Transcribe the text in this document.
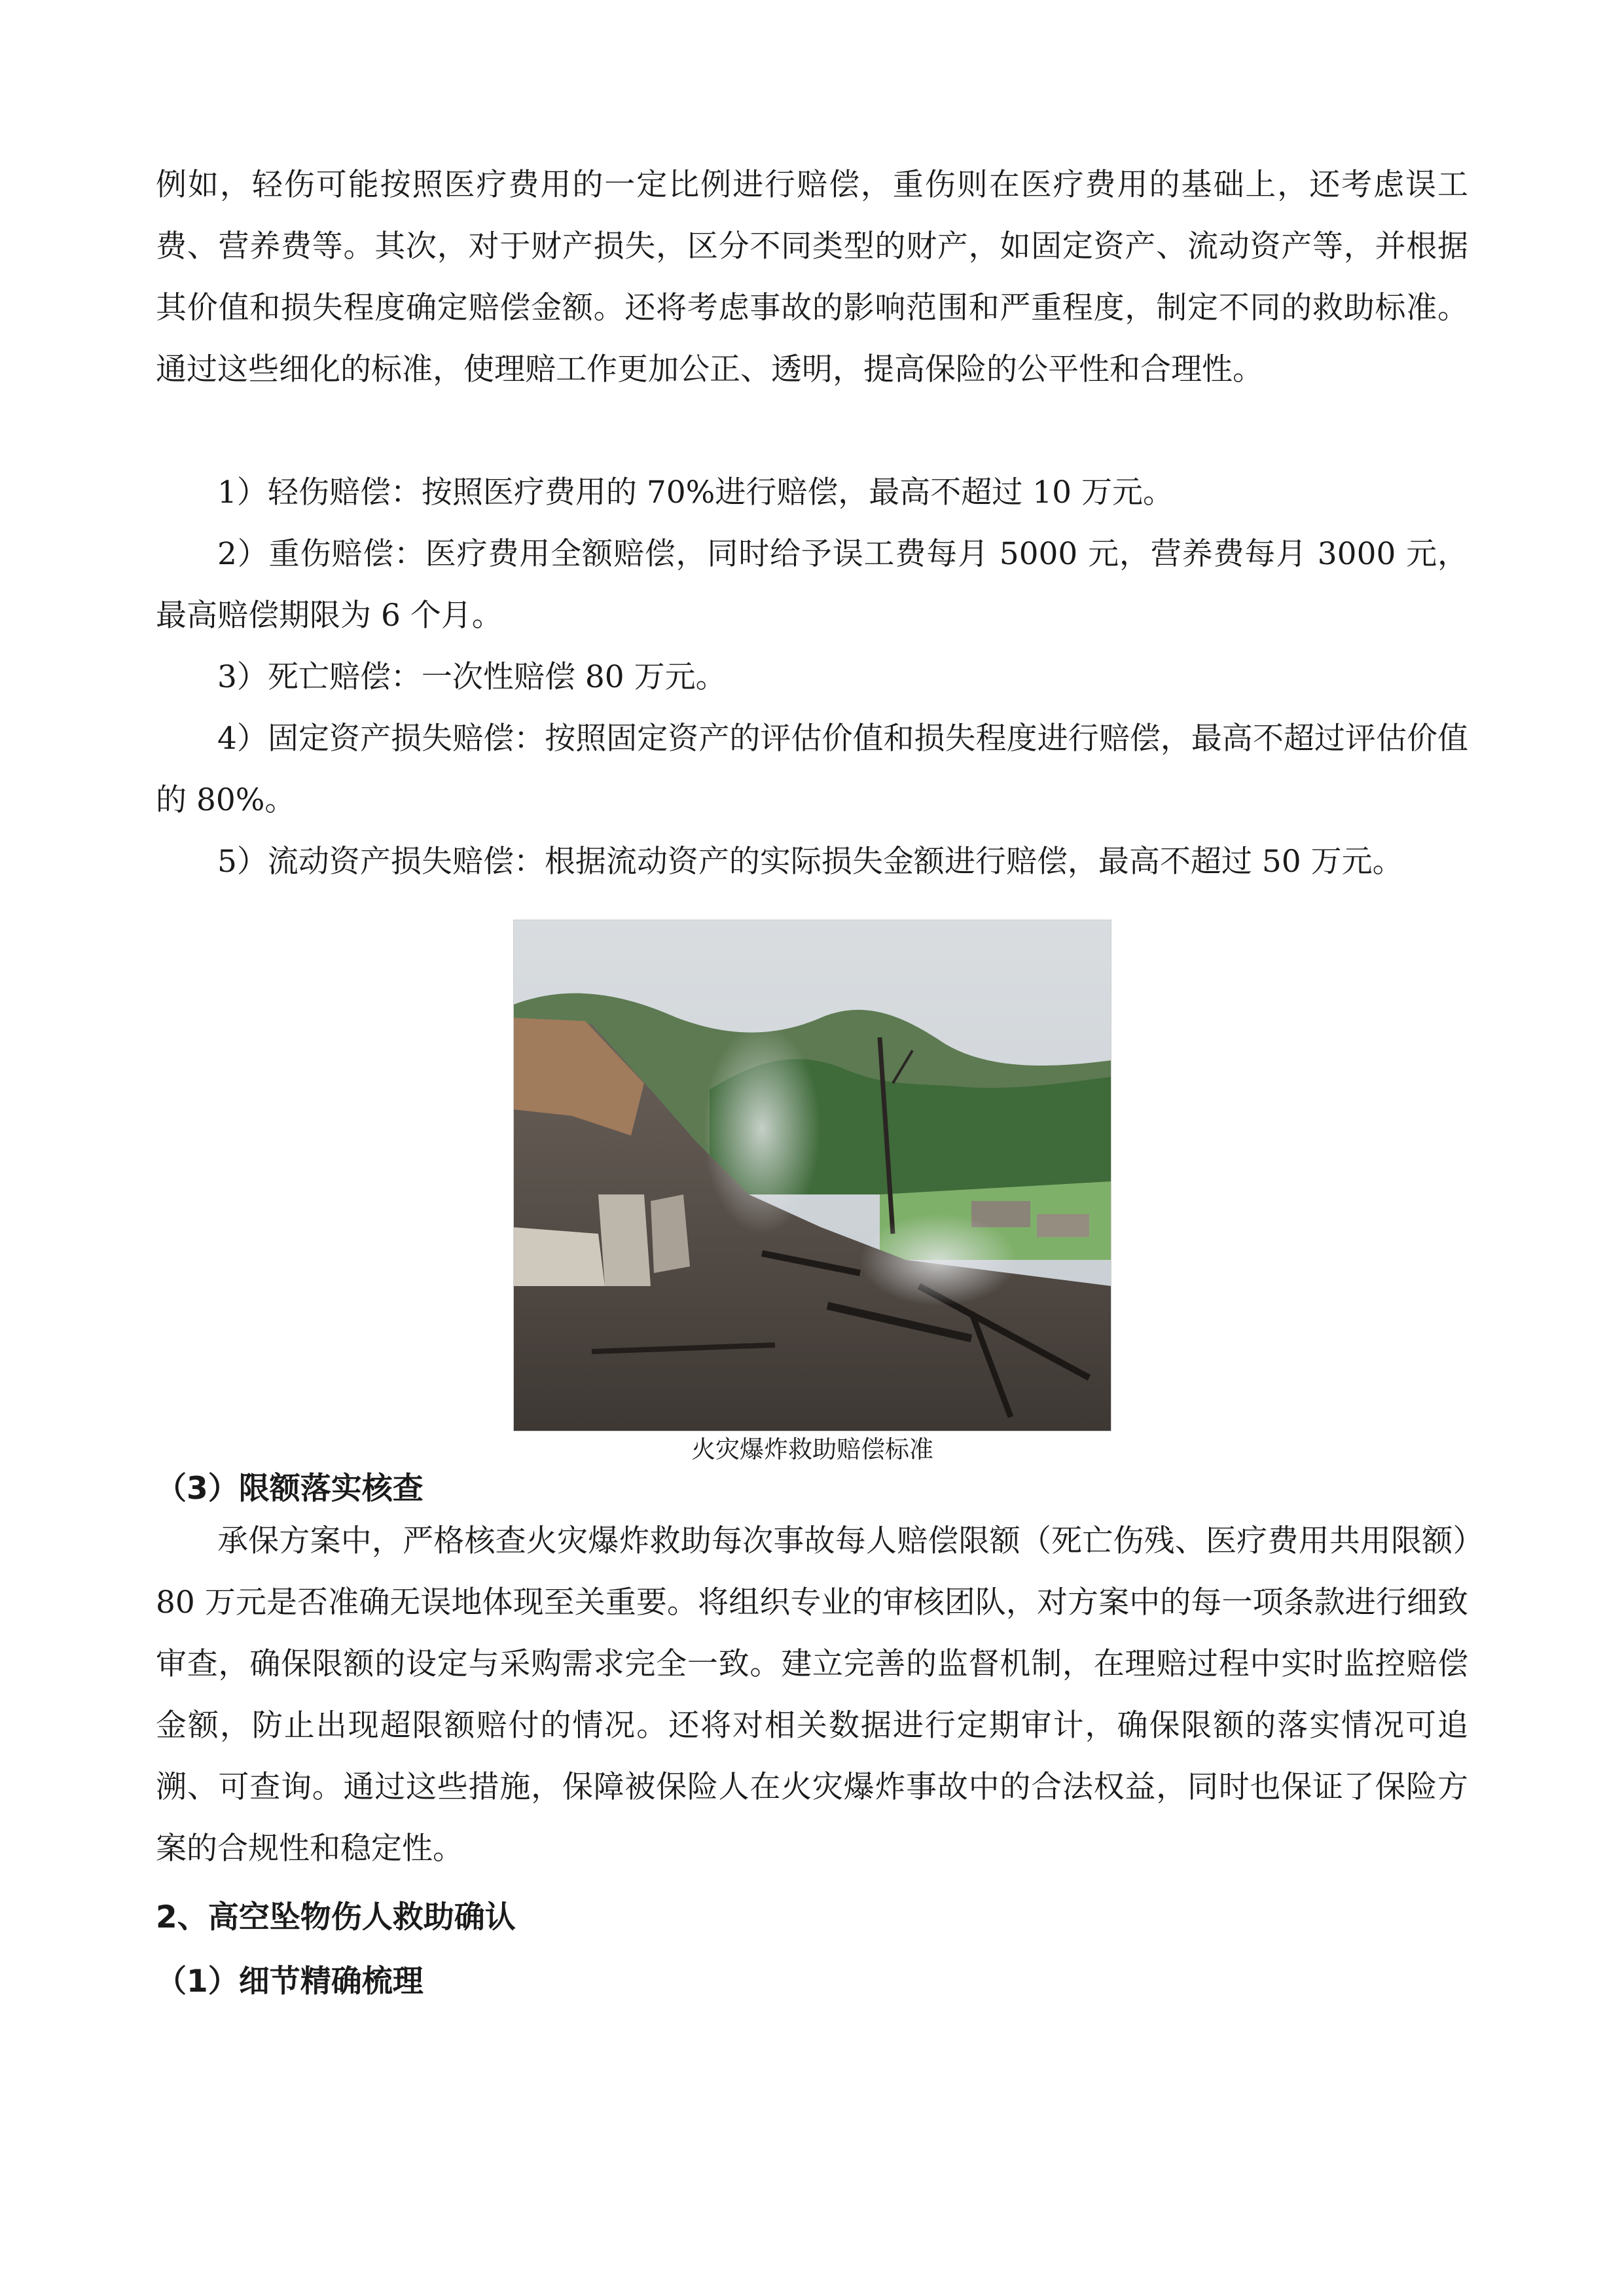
例如，轻伤可能按照医疗费用的一定比例进行赔偿，重伤则在医疗费用的基础上，还考虑误工费、营养费等。其次，对于财产损失，区分不同类型的财产，如固定资产、流动资产等，并根据其价值和损失程度确定赔偿金额。还将考虑事故的影响范围和严重程度，制定不同的救助标准。通过这些细化的标准，使理赔工作更加公正、透明，提高保险的公平性和合理性。

1）轻伤赔偿：按照医疗费用的 70%进行赔偿，最高不超过 10 万元。

2）重伤赔偿：医疗费用全额赔偿，同时给予误工费每月 5000 元，营养费每月 3000 元，最高赔偿期限为 6 个月。

3）死亡赔偿：一次性赔偿 80 万元。

4）固定资产损失赔偿：按照固定资产的评估价值和损失程度进行赔偿，最高不超过评估价值的 80%。

5）流动资产损失赔偿：根据流动资产的实际损失金额进行赔偿，最高不超过 50 万元。

火灾爆炸救助赔偿标准

（3）限额落实核查

承保方案中，严格核查火灾爆炸救助每次事故每人赔偿限额（死亡伤残、医疗费用共用限额）80 万元是否准确无误地体现至关重要。将组织专业的审核团队，对方案中的每一项条款进行细致审查，确保限额的设定与采购需求完全一致。建立完善的监督机制，在理赔过程中实时监控赔偿金额，防止出现超限额赔付的情况。还将对相关数据进行定期审计，确保限额的落实情况可追溯、可查询。通过这些措施，保障被保险人在火灾爆炸事故中的合法权益，同时也保证了保险方案的合规性和稳定性。

2、高空坠物伤人救助确认
（1）细节精确梳理
